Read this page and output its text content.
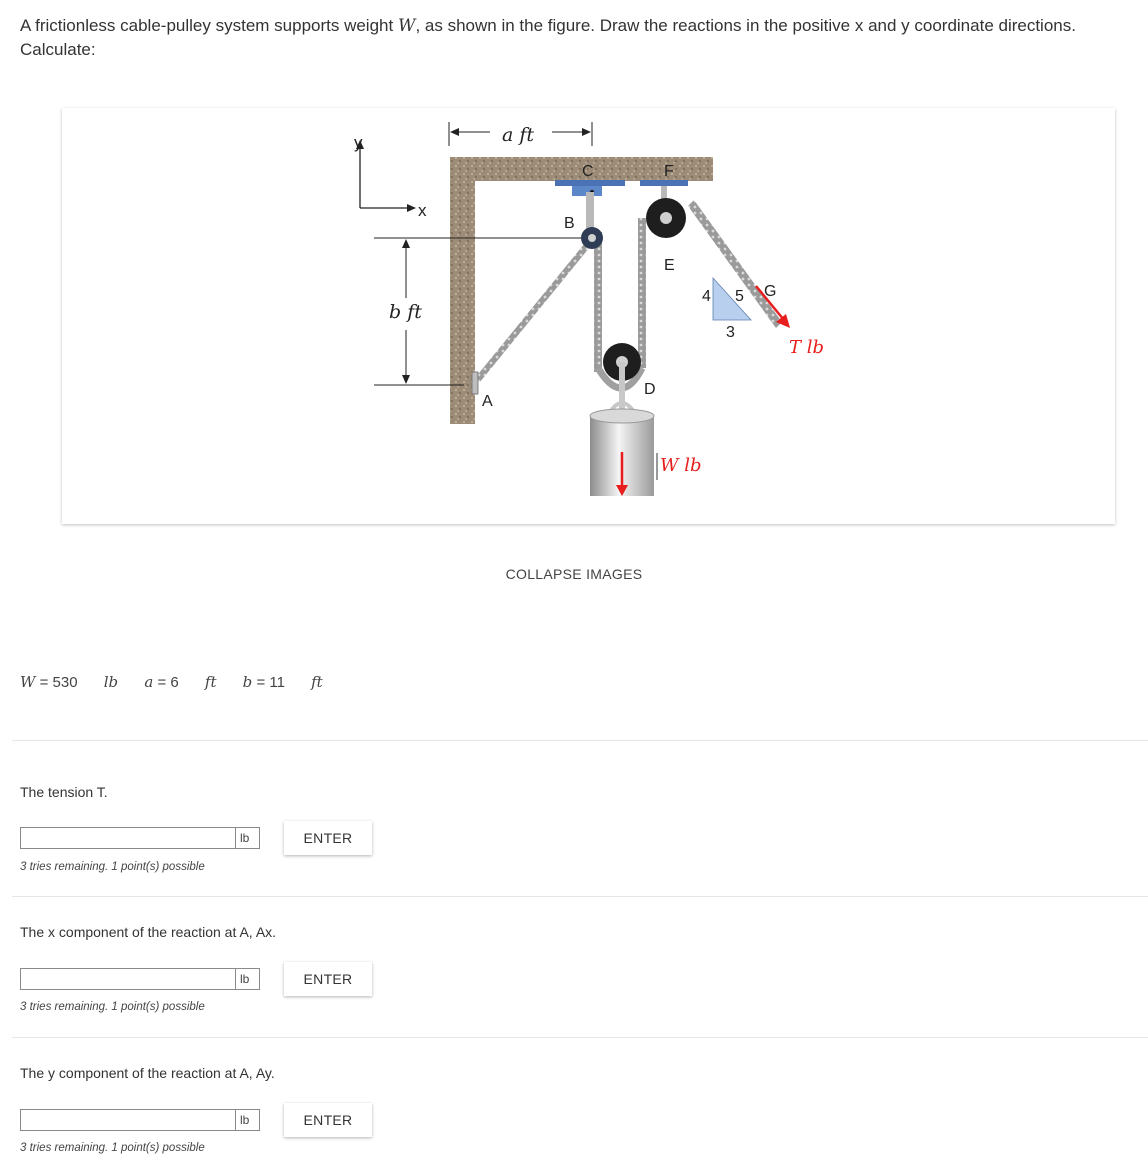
A frictionless cable-pulley system supports weight W, as shown in the figure. Draw the reactions in the positive x and y coordinate directions.
Calculate:
y
x
a ft
b ft
C	F
B
E
D
A
G
4 5
3
T lb
W lb
COLLAPSE IMAGES
W = 530 lb a = 6 ft b = 11 ft
The tension T.
lb	ENTER
3 tries remaining. 1 point(s) possible
The x component of the reaction at A, Ax.
lb	ENTER
3 tries remaining. 1 point(s) possible
The y component of the reaction at A, Ay.
lb	ENTER
3 tries remaining. 1 point(s) possible
